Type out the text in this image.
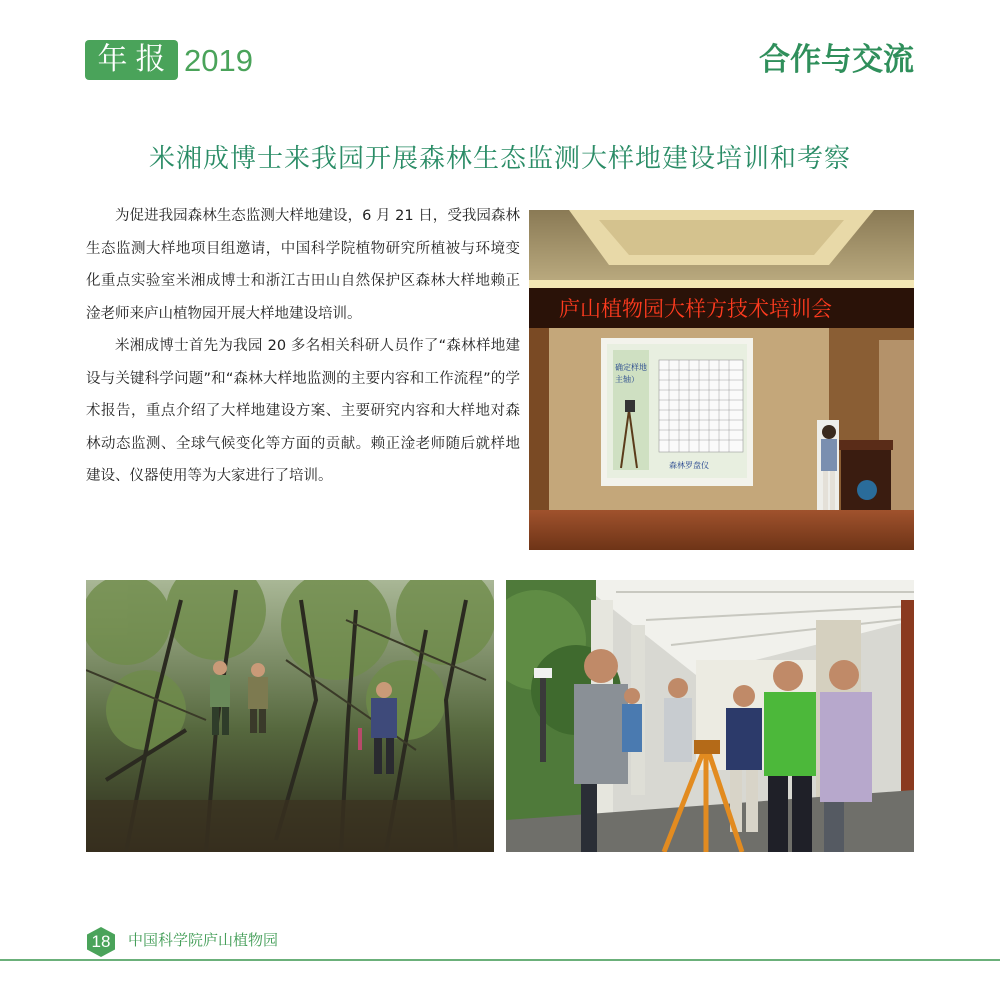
年报 2019	合作与交流
米湘成博士来我园开展森林生态监测大样地建设培训和考察

为促进我园森林生态监测大样地建设，6 月 21 日，受我园森林生态监测大样地项目组邀请，中国科学院植物研究所植被与环境变化重点实验室米湘成博士和浙江古田山自然保护区森林大样地赖正淦老师来庐山植物园开展大样地建设培训。

米湘成博士首先为我园 20 多名相关科研人员作了“森林样地建设与关键科学问题”和“森林大样地监测的主要内容和工作流程”的学术报告，重点介绍了大样地建设方案、主要研究内容和大样地对森林动态监测、全球气候变化等方面的贡献。赖正淦老师随后就样地建设、仪器使用等为大家进行了培训。

庐山植物园大样方技术培训会
确定样地
主轴）
森林罗盘仪
18	中国科学院庐山植物园
